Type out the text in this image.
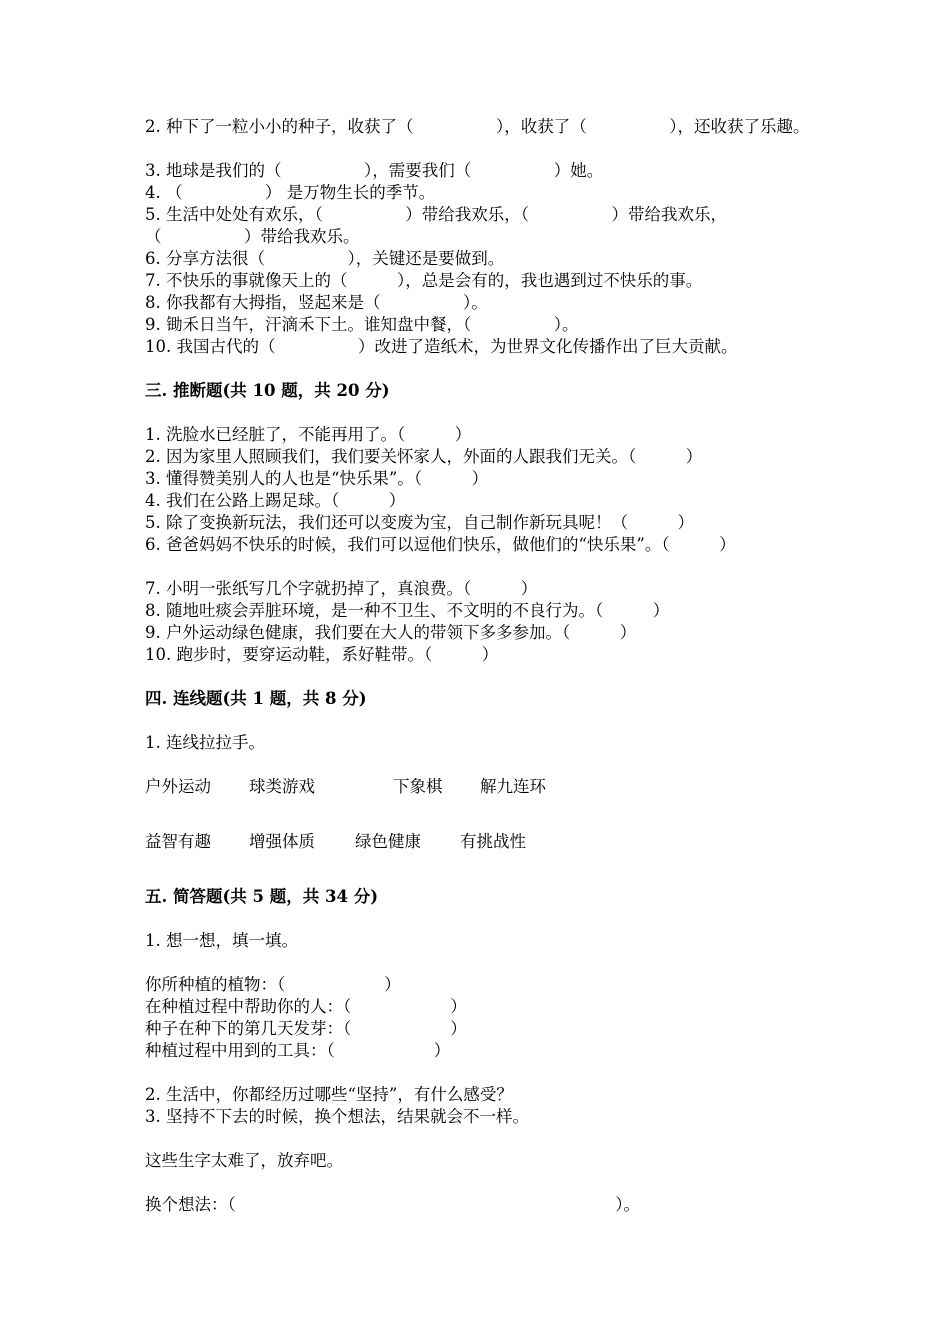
2. 种下了一粒小小的种子，收获了（　　　　　），收获了（　　　　　），还收获了乐趣。
3. 地球是我们的（　　　　　），需要我们（　　　　　）她。
4. （　　　　　） 是万物生长的季节。
5. 生活中处处有欢乐，（　　　　　）带给我欢乐，（　　　　　）带给我欢乐，（　　　　　）带给我欢乐。
6. 分享方法很（　　　　　），关键还是要做到。
7. 不快乐的事就像天上的（　　　），总是会有的，我也遇到过不快乐的事。
8. 你我都有大拇指，竖起来是（　　　　　）。
9. 锄禾日当午，汗滴禾下土。谁知盘中餐，（　　　　　）。
10. 我国古代的（　　　　　）改进了造纸术，为世界文化传播作出了巨大贡献。
三. 推断题(共 10 题，共 20 分)
1. 洗脸水已经脏了，不能再用了。（　　　）
2. 因为家里人照顾我们，我们要关怀家人，外面的人跟我们无关。（　　　）
3. 懂得赞美别人的人也是“快乐果”。（　　　）
4. 我们在公路上踢足球。（　　　）
5. 除了变换新玩法，我们还可以变废为宝，自己制作新玩具呢！（　　　）
6. 爸爸妈妈不快乐的时候，我们可以逗他们快乐，做他们的“快乐果”。（　　　）
7. 小明一张纸写几个字就扔掉了，真浪费。（　　　）
8. 随地吐痰会弄脏环境，是一种不卫生、不文明的不良行为。（　　　）
9. 户外运动绿色健康，我们要在大人的带领下多多参加。（　　　）
10. 跑步时，要穿运动鞋，系好鞋带。（　　　）
四. 连线题(共 1 题，共 8 分)
1. 连线拉拉手。
户外运动 球类游戏	下象棋 解九连环
益智有趣 增强体质 绿色健康 有挑战性
五. 简答题(共 5 题，共 34 分)
1. 想一想，填一填。
你所种植的植物：（　　　　　　）
在种植过程中帮助你的人：（　　　　　　）
种子在种下的第几天发芽：（　　　　　　）
种植过程中用到的工具：（　　　　　　）
2. 生活中，你都经历过哪些“坚持”，有什么感受？
3. 坚持不下去的时候，换个想法，结果就会不一样。
这些生字太难了，放弃吧。
换个想法：（　　　　　　　　　　　　　　　　　　　　　　　）。
